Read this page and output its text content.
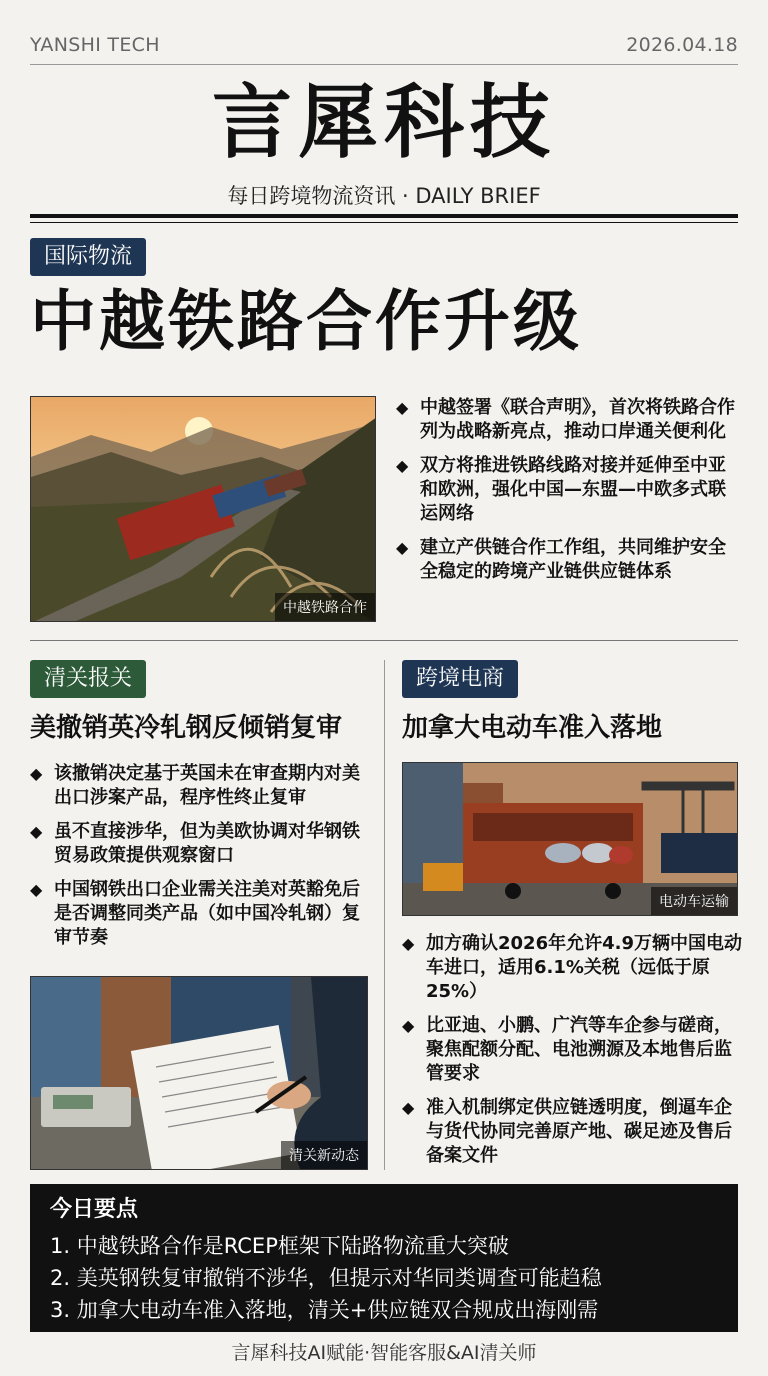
YANSHI TECH	2026.04.18
言犀科技
每日跨境物流资讯 · DAILY BRIEF
国际物流
中越铁路合作升级
中越铁路合作
◆ 中越签署《联合声明》，首次将铁路合作列为战略新亮点，推动口岸通关便利化
◆ 双方将推进铁路线路对接并延伸至中亚和欧洲，强化中国—东盟—中欧多式联运网络
◆ 建立产供链合作工作组，共同维护安全全稳定的跨境产业链供应链体系
清关报关
美撤销英冷轧钢反倾销复审
◆ 该撤销决定基于英国未在审查期内对美出口涉案产品，程序性终止复审
◆ 虽不直接涉华，但为美欧协调对华钢铁贸易政策提供观察窗口
◆ 中国钢铁出口企业需关注美对英豁免后是否调整同类产品（如中国冷轧钢）复审节奏
清关新动态
跨境电商
加拿大电动车准入落地
电动车运输
◆ 加方确认2026年允许4.9万辆中国电动车进口，适用6.1%关税（远低于原25%）
◆ 比亚迪、小鹏、广汽等车企参与磋商，聚焦配额分配、电池溯源及本地售后监管要求
◆ 准入机制绑定供应链透明度，倒逼车企与货代协同完善原产地、碳足迹及售后备案文件
今日要点
1. 中越铁路合作是RCEP框架下陆路物流重大突破
2. 美英钢铁复审撤销不涉华，但提示对华同类调查可能趋稳
3. 加拿大电动车准入落地，清关+供应链双合规成出海刚需
言犀科技AI赋能·智能客服&AI清关师
